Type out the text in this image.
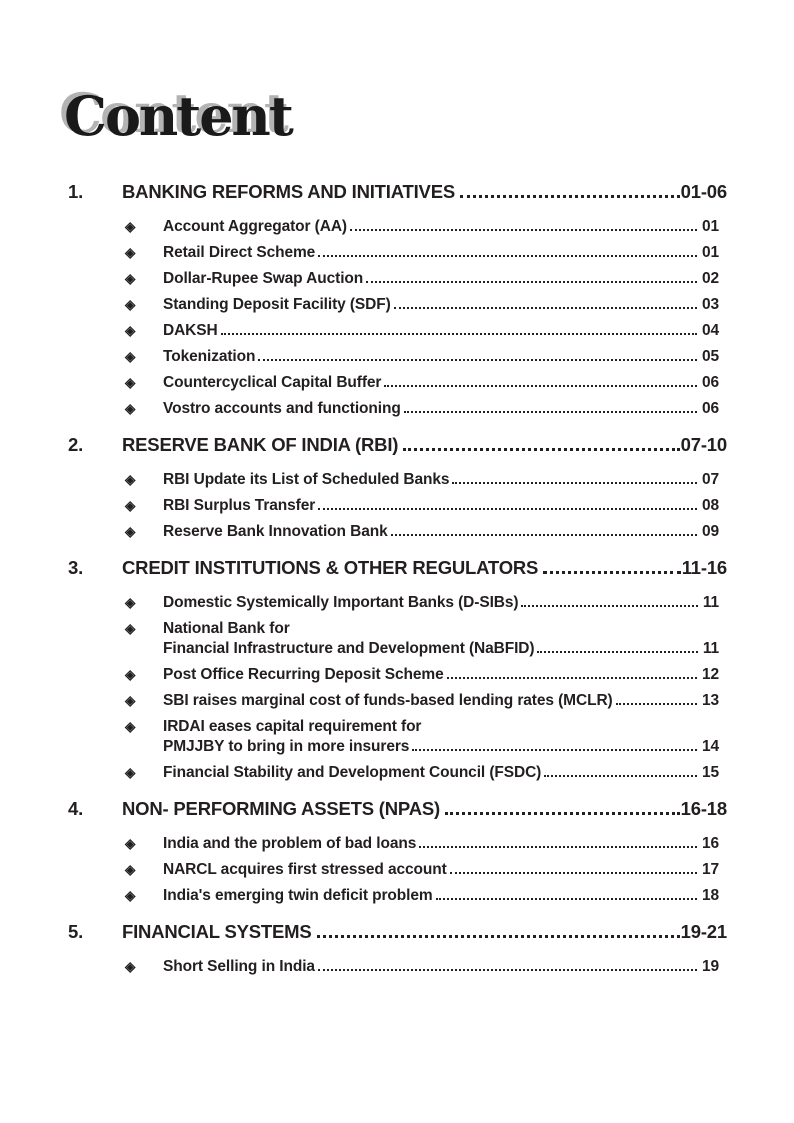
Content
1.	BANKING REFORMS AND INITIATIVES	01-06
◈	Account Aggregator (AA)	01
◈	Retail Direct Scheme	01
◈	Dollar-Rupee Swap Auction	02
◈	Standing Deposit Facility (SDF)	03
◈	DAKSH	04
◈	Tokenization	05
◈	Countercyclical Capital Buffer	06
◈	Vostro accounts and functioning	06
2.	RESERVE BANK OF INDIA (RBI)	07-10
◈	RBI Update its List of Scheduled Banks	07
◈	RBI Surplus Transfer	08
◈	Reserve Bank Innovation Bank	09
3.	CREDIT INSTITUTIONS & OTHER REGULATORS	11-16
◈	Domestic Systemically Important Banks (D-SIBs)	11
◈	National Bank for
Financial Infrastructure and Development (NaBFID)	11
◈	Post Office Recurring Deposit Scheme	12
◈	SBI raises marginal cost of funds-based lending rates (MCLR)	13
◈	IRDAI eases capital requirement for
PMJJBY to bring in more insurers	14
◈	Financial Stability and Development Council (FSDC)	15
4.	NON- PERFORMING ASSETS (NPAS)	16-18
◈	India and the problem of bad loans	16
◈	NARCL acquires first stressed account	17
◈	India's emerging twin deficit problem	18
5.	FINANCIAL SYSTEMS	19-21
◈	Short Selling in India	19
